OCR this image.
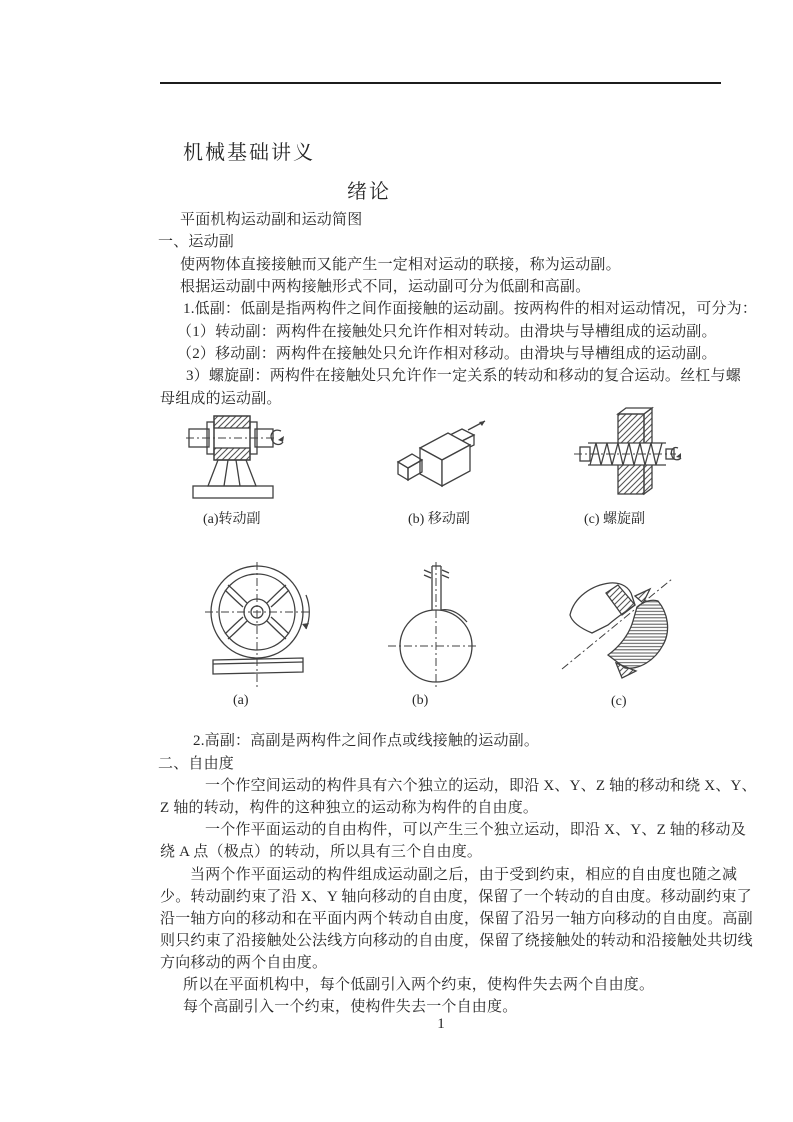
机械基础讲义
绪论
平面机构运动副和运动简图
一、运动副
使两物体直接接触而又能产生一定相对运动的联接，称为运动副。
根据运动副中两构接触形式不同，运动副可分为低副和高副。
1.低副：低副是指两构件之间作面接触的运动副。按两构件的相对运动情况，可分为：
（1）转动副：两构件在接触处只允许作相对转动。由滑块与导槽组成的运动副。
（2）移动副：两构件在接触处只允许作相对移动。由滑块与导槽组成的运动副。
3）螺旋副：两构件在接触处只允许作一定关系的转动和移动的复合运动。丝杠与螺
母组成的运动副。
(a)转动副	(b) 移动副	(c) 螺旋副
(a)	(b)	(c)
2.高副：高副是两构件之间作点或线接触的运动副。
二、自由度
一个作空间运动的构件具有六个独立的运动，即沿 X、Y、Z 轴的移动和绕 X、Y、
Z 轴的转动，构件的这种独立的运动称为构件的自由度。
一个作平面运动的自由构件，可以产生三个独立运动，即沿 X、Y、Z 轴的移动及
绕 A 点（极点）的转动，所以具有三个自由度。
当两个作平面运动的构件组成运动副之后，由于受到约束，相应的自由度也随之减
少。转动副约束了沿 X、Y 轴向移动的自由度，保留了一个转动的自由度。移动副约束了
沿一轴方向的移动和在平面内两个转动自由度，保留了沿另一轴方向移动的自由度。高副
则只约束了沿接触处公法线方向移动的自由度，保留了绕接触处的转动和沿接触处共切线
方向移动的两个自由度。
所以在平面机构中，每个低副引入两个约束，使构件失去两个自由度。
每个高副引入一个约束，使构件失去一个自由度。
1
